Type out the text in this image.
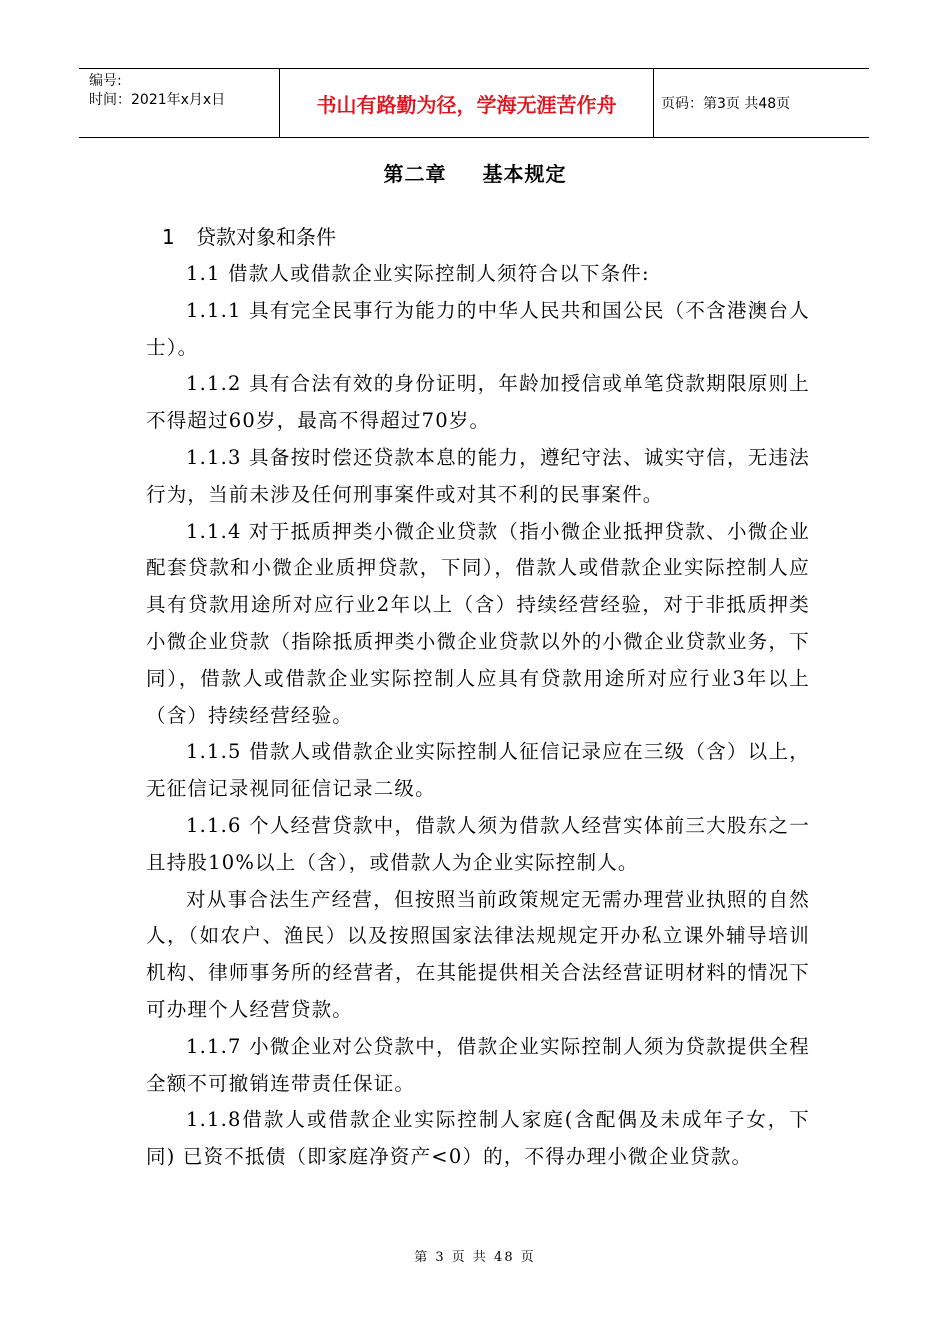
编号:
时间：2021年x月x日	书山有路勤为径，学海无涯苦作舟	页码：第3页 共48页
第二章 基本规定
1 贷款对象和条件

1.1 借款人或借款企业实际控制人须符合以下条件:

1.1.1 具有完全民事行为能力的中华人民共和国公民（不含港澳台人士）。

1.1.2 具有合法有效的身份证明，年龄加授信或单笔贷款期限原则上不得超过60岁，最高不得超过70岁。

1.1.3 具备按时偿还贷款本息的能力，遵纪守法、诚实守信，无违法行为，当前未涉及任何刑事案件或对其不利的民事案件。

1.1.4 对于抵质押类小微企业贷款（指小微企业抵押贷款、小微企业配套贷款和小微企业质押贷款，下同），借款人或借款企业实际控制人应具有贷款用途所对应行业2年以上（含）持续经营经验，对于非抵质押类小微企业贷款（指除抵质押类小微企业贷款以外的小微企业贷款业务，下同），借款人或借款企业实际控制人应具有贷款用途所对应行业3年以上（含）持续经营经验。

1.1.5 借款人或借款企业实际控制人征信记录应在三级（含）以上，无征信记录视同征信记录二级。

1.1.6 个人经营贷款中，借款人须为借款人经营实体前三大股东之一且持股10%以上（含），或借款人为企业实际控制人。

对从事合法生产经营，但按照当前政策规定无需办理营业执照的自然人，（如农户、渔民）以及按照国家法律法规规定开办私立课外辅导培训机构、律师事务所的经营者，在其能提供相关合法经营证明材料的情况下可办理个人经营贷款。

1.1.7 小微企业对公贷款中，借款企业实际控制人须为贷款提供全程全额不可撤销连带责任保证。

1.1.8借款人或借款企业实际控制人家庭(含配偶及未成年子女，下同) 已资不抵债（即家庭净资产<0）的，不得办理小微企业贷款。

第 3 页 共 48 页
